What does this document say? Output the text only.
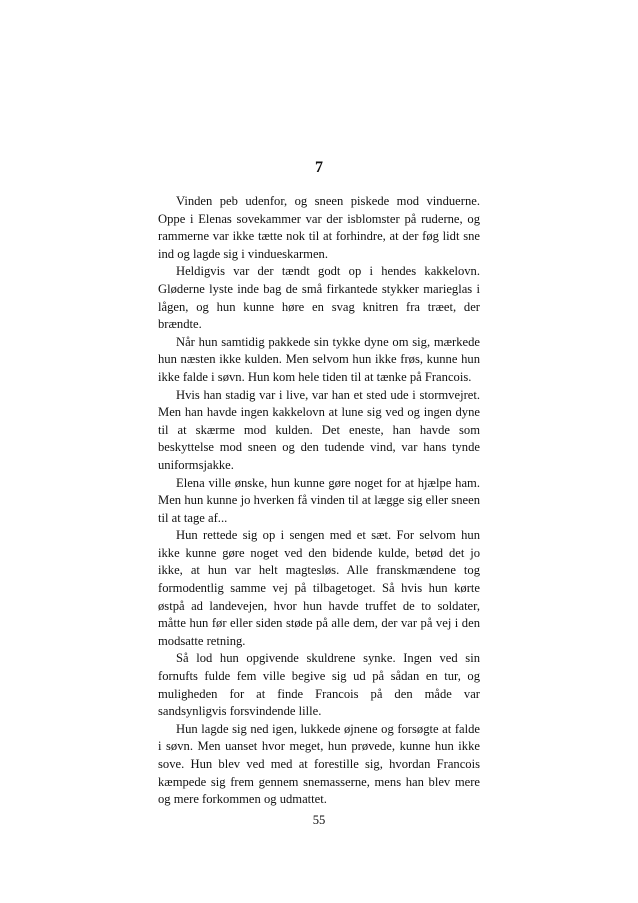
7

Vinden peb udenfor, og sneen piskede mod vinduerne. Oppe i Elenas sovekammer var der isblomster på ruderne, og rammerne var ikke tætte nok til at forhindre, at der føg lidt sne ind og lagde sig i vindueskarmen.

Heldigvis var der tændt godt op i hendes kakkelovn. Gløderne lyste inde bag de små firkantede stykker marieglas i lågen, og hun kunne høre en svag knitren fra træet, der brændte.

Når hun samtidig pakkede sin tykke dyne om sig, mærkede hun næsten ikke kulden. Men selvom hun ikke frøs, kunne hun ikke falde i søvn. Hun kom hele tiden til at tænke på Francois.

Hvis han stadig var i live, var han et sted ude i stormvejret. Men han havde ingen kakkelovn at lune sig ved og ingen dyne til at skærme mod kulden. Det eneste, han havde som beskyttelse mod sneen og den tudende vind, var hans tynde uniformsjakke.

Elena ville ønske, hun kunne gøre noget for at hjælpe ham. Men hun kunne jo hverken få vinden til at lægge sig eller sneen til at tage af...

Hun rettede sig op i sengen med et sæt. For selvom hun ikke kunne gøre noget ved den bidende kulde, betød det jo ikke, at hun var helt magtesløs. Alle franskmændene tog formodentlig samme vej på tilbagetoget. Så hvis hun kørte østpå ad landevejen, hvor hun havde truffet de to soldater, måtte hun før eller siden støde på alle dem, der var på vej i den modsatte retning.

Så lod hun opgivende skuldrene synke. Ingen ved sin fornufts fulde fem ville begive sig ud på sådan en tur, og muligheden for at finde Francois på den måde var sandsynligvis forsvindende lille.

Hun lagde sig ned igen, lukkede øjnene og forsøgte at falde i søvn. Men uanset hvor meget, hun prøvede, kunne hun ikke sove. Hun blev ved med at forestille sig, hvordan Francois kæmpede sig frem gennem snemasserne, mens han blev mere og mere forkommen og udmattet.

55
